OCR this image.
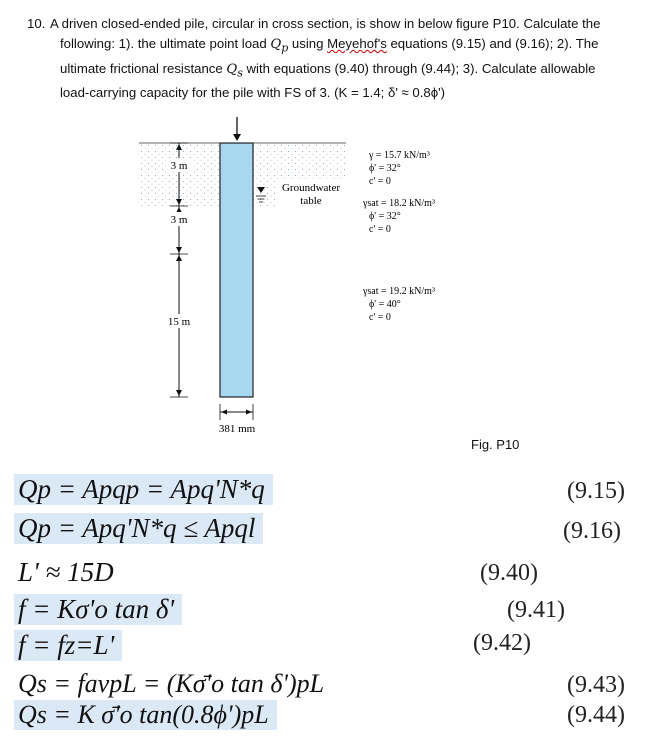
10. A driven closed-ended pile, circular in cross section, is show in below figure P10. Calculate the
following: 1). the ultimate point load $Q_p$ using Meyehof's equations (9.15) and (9.16); 2). The
ultimate frictional resistance $Q_s$ with equations (9.40) through (9.44); 3). Calculate allowable
load-carrying capacity for the pile with FS of 3. (K = 1.4; δ' ≈ 0.8ϕ')
3 m
3 m
15 m
381 mm
Groundwater
table
γ = 15.7 kN/m³
ϕ' = 32°
c' = 0
γsat = 18.2 kN/m³
ϕ' = 32°
c' = 0
γsat = 19.2 kN/m³
ϕ' = 40°
c' = 0
Fig. P10
Qp = Apqp = Apq'N*q	(9.15)
Qp = Apq'N*q ≤ Apql	(9.16)
L' ≈ 15D	(9.40)
f = Kσ'o tan δ'	(9.41)
f = fz=L'	(9.42)
Qs = favpL = (Kσ̄'o tan δ')pL	(9.43)
Qs = K σ̄'o tan(0.8ϕ')pL	(9.44)
